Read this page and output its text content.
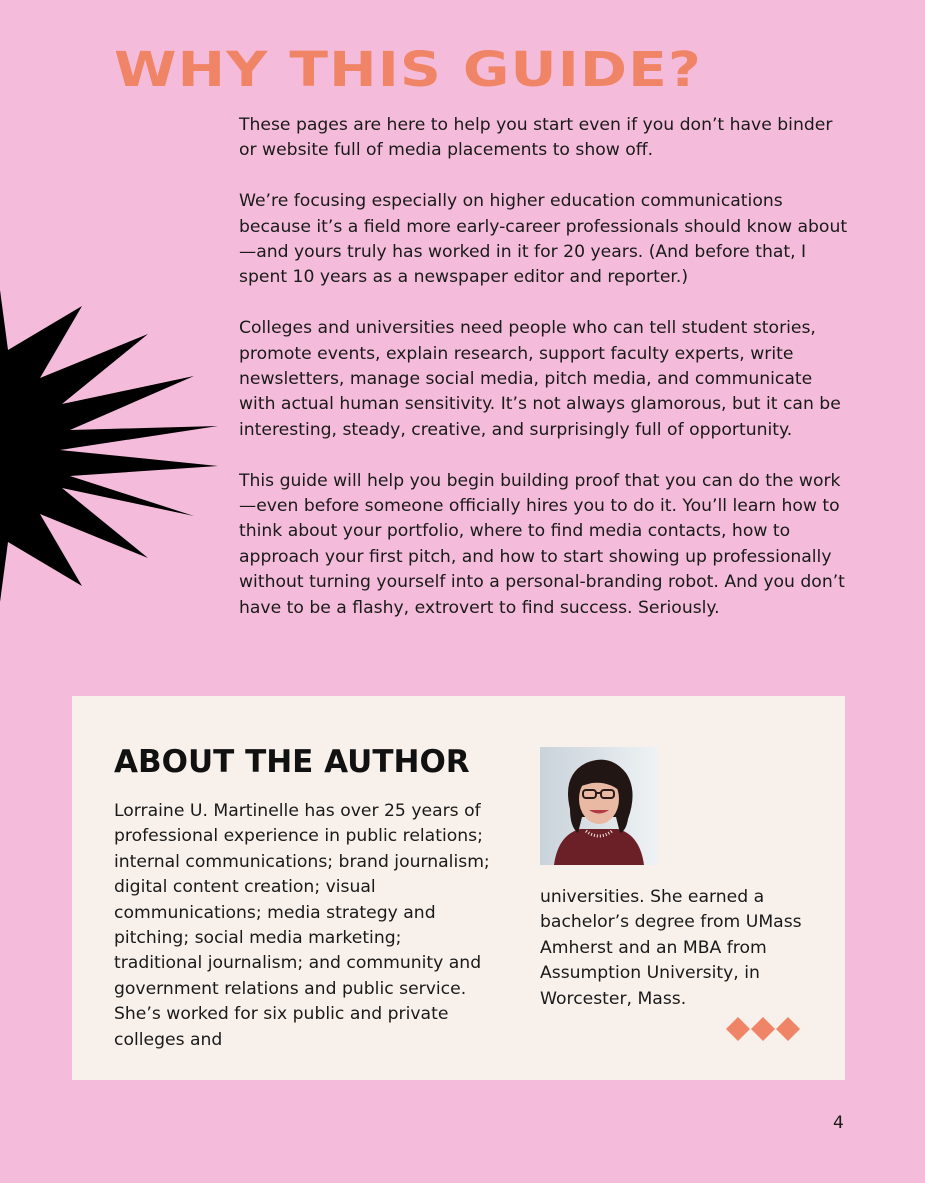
WHY THIS GUIDE?

These pages are here to help you start even if you don’t have binder or website full of media placements to show off.

We’re focusing especially on higher education communications because it’s a field more early-career professionals should know about—and yours truly has worked in it for 20 years. (And before that, I spent 10 years as a newspaper editor and reporter.)

Colleges and universities need people who can tell student stories, promote events, explain research, support faculty experts, write newsletters, manage social media, pitch media, and communicate with actual human sensitivity. It’s not always glamorous, but it can be interesting, steady, creative, and surprisingly full of opportunity.

This guide will help you begin building proof that you can do the work—even before someone officially hires you to do it. You’ll learn how to think about your portfolio, where to find media contacts, how to approach your first pitch, and how to start showing up professionally without turning yourself into a personal-branding robot. And you don’t have to be a flashy, extrovert to find success. Seriously.

ABOUT THE AUTHOR

Lorraine U. Martinelle has over 25 years of professional experience in public relations; internal communications; brand journalism; digital content creation; visual communications; media strategy and pitching; social media marketing; traditional journalism; and community and government relations and public service. She’s worked for six public and private colleges and

universities. She earned a bachelor’s degree from UMass Amherst and an MBA from Assumption University, in Worcester, Mass.

4
